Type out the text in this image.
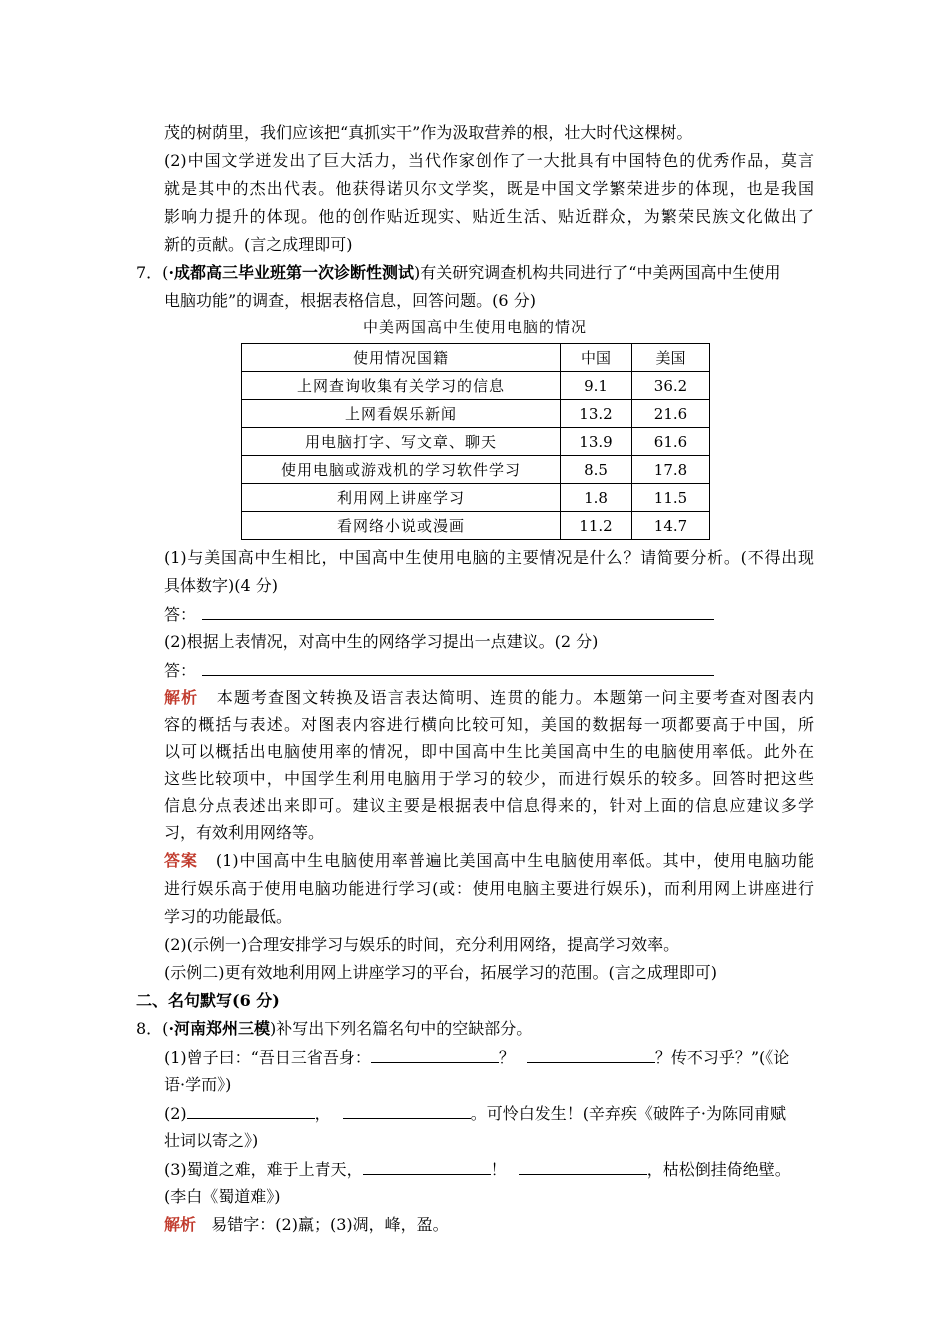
茂的树荫里，我们应该把“真抓实干”作为汲取营养的根，壮大时代这棵树。
(2)中国文学迸发出了巨大活力，当代作家创作了一大批具有中国特色的优秀作品，莫言
就是其中的杰出代表。他获得诺贝尔文学奖，既是中国文学繁荣进步的体现，也是我国
影响力提升的体现。他的创作贴近现实、贴近生活、贴近群众，为繁荣民族文化做出了
新的贡献。(言之成理即可)
7．(·成都高三毕业班第一次诊断性测试)有关研究调查机构共同进行了“中美两国高中生使用
电脑功能”的调查，根据表格信息，回答问题。(6 分)
中美两国高中生使用电脑的情况
使用情况国籍	中国	美国
上网查询收集有关学习的信息	9.1	36.2
上网看娱乐新闻	13.2	21.6
用电脑打字、写文章、聊天	13.9	61.6
使用电脑或游戏机的学习软件学习	8.5	17.8
利用网上讲座学习	1.8	11.5
看网络小说或漫画	11.2	14.7
(1)与美国高中生相比，中国高中生使用电脑的主要情况是什么？请简要分析。(不得出现
具体数字)(4 分)
答：
(2)根据上表情况，对高中生的网络学习提出一点建议。(2 分)
答：
解析 本题考查图文转换及语言表达简明、连贯的能力。本题第一问主要考查对图表内
容的概括与表述。对图表内容进行横向比较可知，美国的数据每一项都要高于中国，所
以可以概括出电脑使用率的情况，即中国高中生比美国高中生的电脑使用率低。此外在
这些比较项中，中国学生利用电脑用于学习的较少，而进行娱乐的较多。回答时把这些
信息分点表述出来即可。建议主要是根据表中信息得来的，针对上面的信息应建议多学
习，有效利用网络等。
答案 (1)中国高中生电脑使用率普遍比美国高中生电脑使用率低。其中，使用电脑功能
进行娱乐高于使用电脑功能进行学习(或：使用电脑主要进行娱乐)，而利用网上讲座进行
学习的功能最低。
(2)(示例一)合理安排学习与娱乐的时间，充分利用网络，提高学习效率。
(示例二)更有效地利用网上讲座学习的平台，拓展学习的范围。(言之成理即可)
二、名句默写(6 分)
8．(·河南郑州三模)补写出下列名篇名句中的空缺部分。
(1)曾子曰：“吾日三省吾身：	？	？传不习乎？”(《论
语·学而》)
(2)	，	。可怜白发生！(辛弃疾《破阵子·为陈同甫赋
壮词以寄之》)
(3)蜀道之难，难于上青天，	！	，枯松倒挂倚绝壁。
(李白《蜀道难》)
解析 易错字：(2)羸；(3)凋，峰，盈。
